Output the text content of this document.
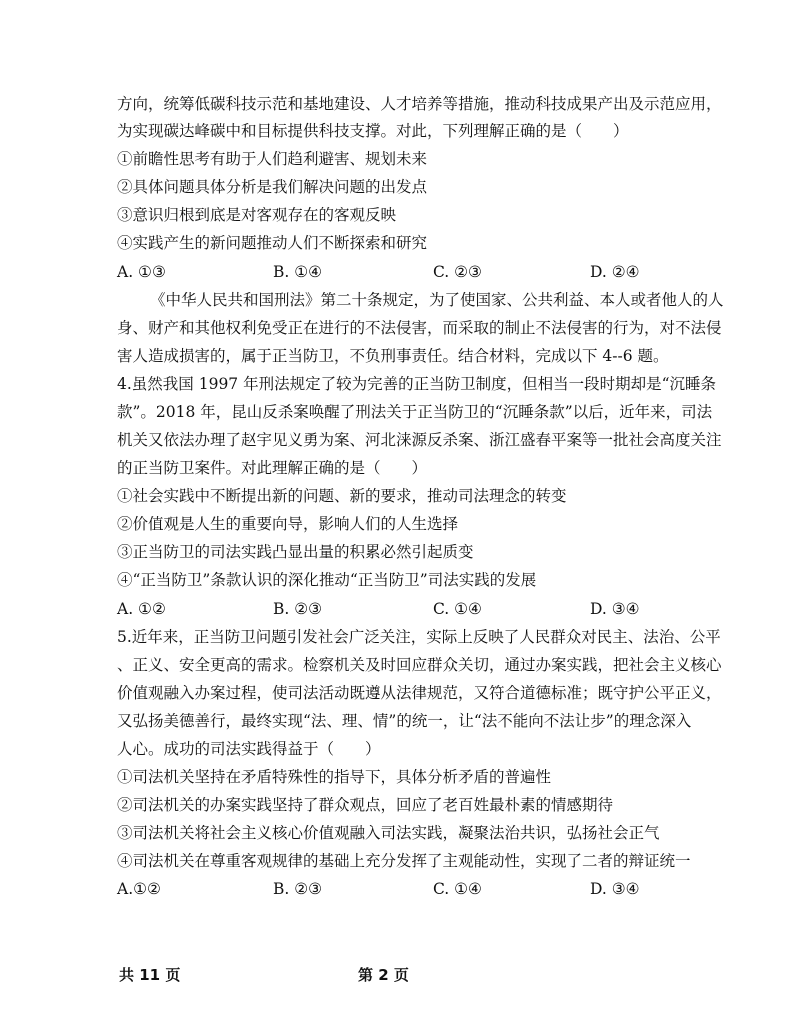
方向，统筹低碳科技示范和基地建设、人才培养等措施，推动科技成果产出及示范应用，
为实现碳达峰碳中和目标提供科技支撑。对此，下列理解正确的是（　　）
①前瞻性思考有助于人们趋利避害、规划未来
②具体问题具体分析是我们解决问题的出发点
③意识归根到底是对客观存在的客观反映
④实践产生的新问题推动人们不断探索和研究
A. ①③	B. ①④	C. ②③	D. ②④
《中华人民共和国刑法》第二十条规定，为了使国家、公共利益、本人或者他人的人
身、财产和其他权利免受正在进行的不法侵害，而采取的制止不法侵害的行为，对不法侵
害人造成损害的，属于正当防卫，不负刑事责任。结合材料，完成以下 4--6 题。
4.虽然我国 1997 年刑法规定了较为完善的正当防卫制度，但相当一段时期却是“沉睡条
款”。2018 年，昆山反杀案唤醒了刑法关于正当防卫的“沉睡条款”以后，近年来，司法
机关又依法办理了赵宇见义勇为案、河北涞源反杀案、浙江盛春平案等一批社会高度关注
的正当防卫案件。对此理解正确的是（　　）
①社会实践中不断提出新的问题、新的要求，推动司法理念的转变
②价值观是人生的重要向导，影响人们的人生选择
③正当防卫的司法实践凸显出量的积累必然引起质变
④“正当防卫”条款认识的深化推动“正当防卫”司法实践的发展
A. ①②	B. ②③	C. ①④	D. ③④
5.近年来，正当防卫问题引发社会广泛关注，实际上反映了人民群众对民主、法治、公平
、正义、安全更高的需求。检察机关及时回应群众关切，通过办案实践，把社会主义核心
价值观融入办案过程，使司法活动既遵从法律规范，又符合道德标准；既守护公平正义，
又弘扬美德善行，最终实现“法、理、情”的统一，让“法不能向不法让步”的理念深入
人心。成功的司法实践得益于（　　）
①司法机关坚持在矛盾特殊性的指导下，具体分析矛盾的普遍性
②司法机关的办案实践坚持了群众观点，回应了老百姓最朴素的情感期待
③司法机关将社会主义核心价值观融入司法实践，凝聚法治共识，弘扬社会正气
④司法机关在尊重客观规律的基础上充分发挥了主观能动性，实现了二者的辩证统一
A.①②	B. ②③	C. ①④	D. ③④
共 11 页	第 2 页
